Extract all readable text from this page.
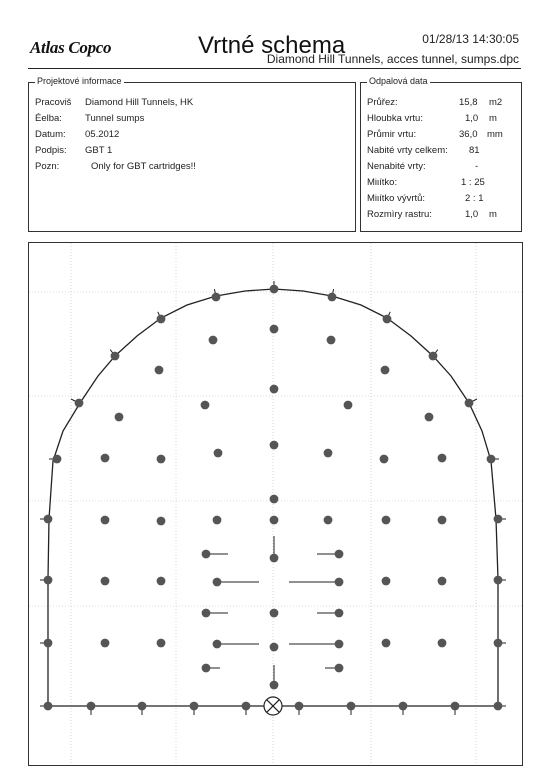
Atlas Copco	Vrtné schema	01/28/13 14:30:05
Diamond Hill Tunnels, acces tunnel, sumps.dpc
Projektové informace
Pracoviš Diamond Hill Tunnels, HK
Éelba: Tunnel sumps
Datum: 05.2012
Podpis: GBT 1
Pozn:	Only for GBT cartridges!!
Odpalová data
Průřez:	15,8 m2
Hloubka vrtu:	1,0 m
Průmir vrtu:	36,0 mm
Nabité vrty celkem: 81
Nenabité vrty:	-
Miιítko:	1 : 25
Miιítko vývrtů:	2 : 1
Rozmìry rastru:	1,0 m
